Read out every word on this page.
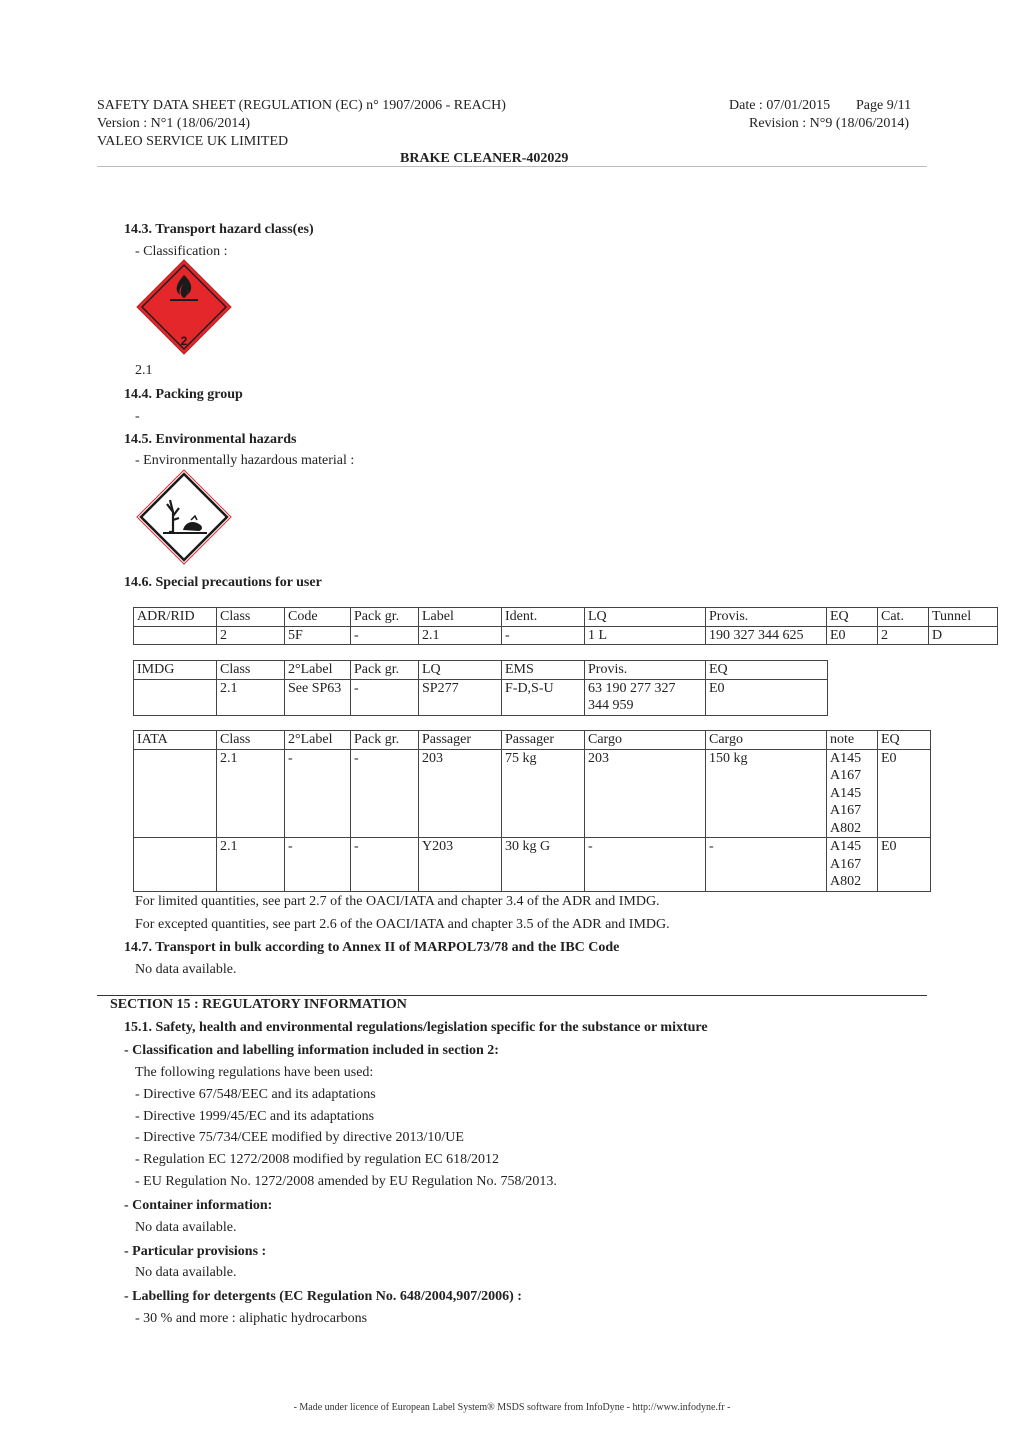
SAFETY DATA SHEET (REGULATION (EC) n° 1907/2006 - REACH)
Version : N°1 (18/06/2014)
VALEO SERVICE UK LIMITED
Date : 07/01/2015 Page 9/11
Revision : N°9 (18/06/2014)
BRAKE CLEANER-402029
14.3. Transport hazard class(es)
- Classification :
2
2.1
14.4. Packing group
-
14.5. Environmental hazards
- Environmentally hazardous material :
14.6. Special precautions for user
ADR/RID	Class	Code	Pack gr.	Label	Ident.	LQ	Provis.	EQ	Cat.	Tunnel
	2	5F	-	2.1	-	1 L	190 327 344 625	E0	2	D
IMDG	Class	2°Label	Pack gr.	LQ	EMS	Provis.	EQ
	2.1	See SP63	-	SP277	F-D,S-U	63 190 277 327
344 959	E0
IATA	Class	2°Label	Pack gr.	Passager	Passager	Cargo	Cargo	note	EQ
	2.1	-	-	203	75 kg	203	150 kg	A145
A167
A145
A167
A802	E0
	2.1	-	-	Y203	30 kg G	-	-	A145
A167
A802	E0
For limited quantities, see part 2.7 of the OACI/IATA and chapter 3.4 of the ADR and IMDG.
For excepted quantities, see part 2.6 of the OACI/IATA and chapter 3.5 of the ADR and IMDG.
14.7. Transport in bulk according to Annex II of MARPOL73/78 and the IBC Code
No data available.
SECTION 15 : REGULATORY INFORMATION
15.1. Safety, health and environmental regulations/legislation specific for the substance or mixture
- Classification and labelling information included in section 2:
The following regulations have been used:
- Directive 67/548/EEC and its adaptations
- Directive 1999/45/EC and its adaptations
- Directive 75/734/CEE modified by directive 2013/10/UE
- Regulation EC 1272/2008 modified by regulation EC 618/2012
- EU Regulation No. 1272/2008 amended by EU Regulation No. 758/2013.
- Container information:
No data available.
- Particular provisions :
No data available.
- Labelling for detergents (EC Regulation No. 648/2004,907/2006) :
- 30 % and more : aliphatic hydrocarbons
- Made under licence of European Label System® MSDS software from InfoDyne - http://www.infodyne.fr -
